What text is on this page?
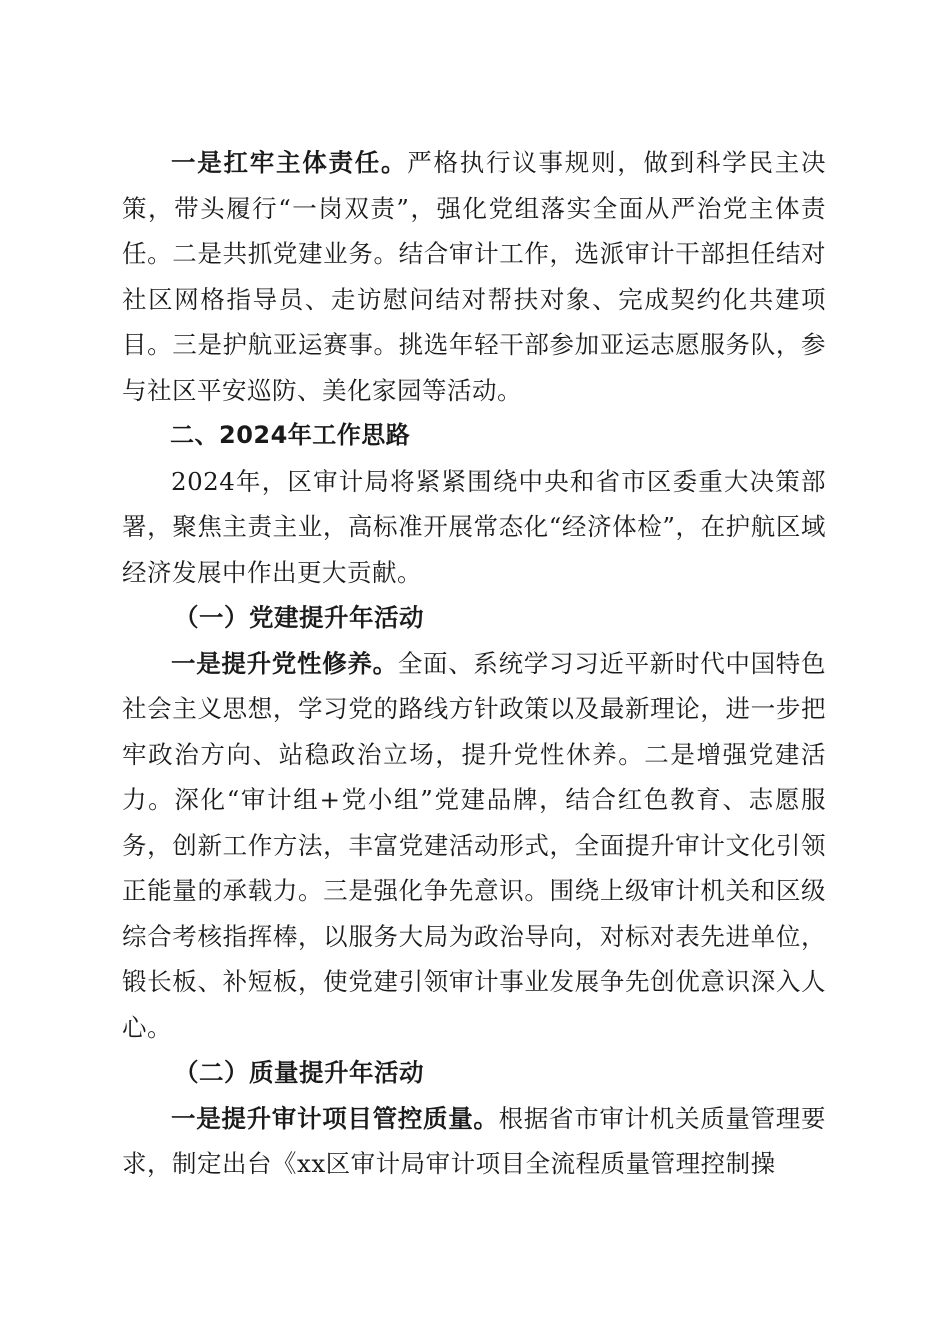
一是扛牢主体责任。严格执行议事规则，做到科学民主决策，带头履行“一岗双责”，强化党组落实全面从严治党主体责任。二是共抓党建业务。结合审计工作，选派审计干部担任结对社区网格指导员、走访慰问结对帮扶对象、完成契约化共建项目。三是护航亚运赛事。挑选年轻干部参加亚运志愿服务队，参与社区平安巡防、美化家园等活动。

二、2024年工作思路

2024年，区审计局将紧紧围绕中央和省市区委重大决策部署，聚焦主责主业，高标准开展常态化“经济体检”，在护航区域经济发展中作出更大贡献。

（一）党建提升年活动

一是提升党性修养。全面、系统学习习近平新时代中国特色社会主义思想，学习党的路线方针政策以及最新理论，进一步把牢政治方向、站稳政治立场，提升党性休养。二是增强党建活力。深化“审计组+党小组”党建品牌，结合红色教育、志愿服务，创新工作方法，丰富党建活动形式，全面提升审计文化引领正能量的承载力。三是强化争先意识。围绕上级审计机关和区级综合考核指挥棒，以服务大局为政治导向，对标对表先进单位，锻长板、补短板，使党建引领审计事业发展争先创优意识深入人心。

（二）质量提升年活动

一是提升审计项目管控质量。根据省市审计机关质量管理要求，制定出台《xx区审计局审计项目全流程质量管理控制操
